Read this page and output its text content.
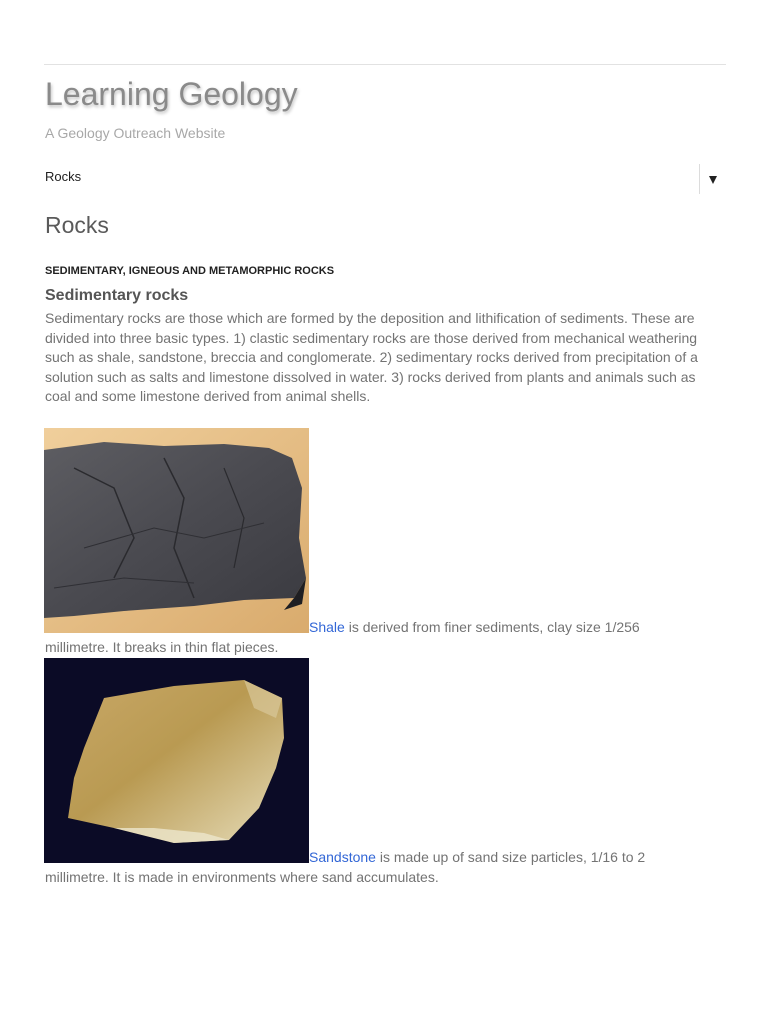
Learning Geology
A Geology Outreach Website
Rocks
Rocks
SEDIMENTARY, IGNEOUS AND METAMORPHIC ROCKS
Sedimentary rocks

Sedimentary rocks are those which are formed by the deposition and lithification of sediments. These are divided into three basic types. 1) clastic sedimentary rocks are those derived from mechanical weathering such as shale, sandstone, breccia and conglomerate. 2) sedimentary rocks derived from precipitation of a solution such as salts and limestone dissolved in water. 3) rocks derived from plants and animals such as coal and some limestone derived from animal shells.

Shale is derived from finer sediments, clay size 1/256
millimetre. It breaks in thin flat pieces.
Sandstone is made up of sand size particles, 1/16 to 2
millimetre. It is made in environments where sand accumulates.
